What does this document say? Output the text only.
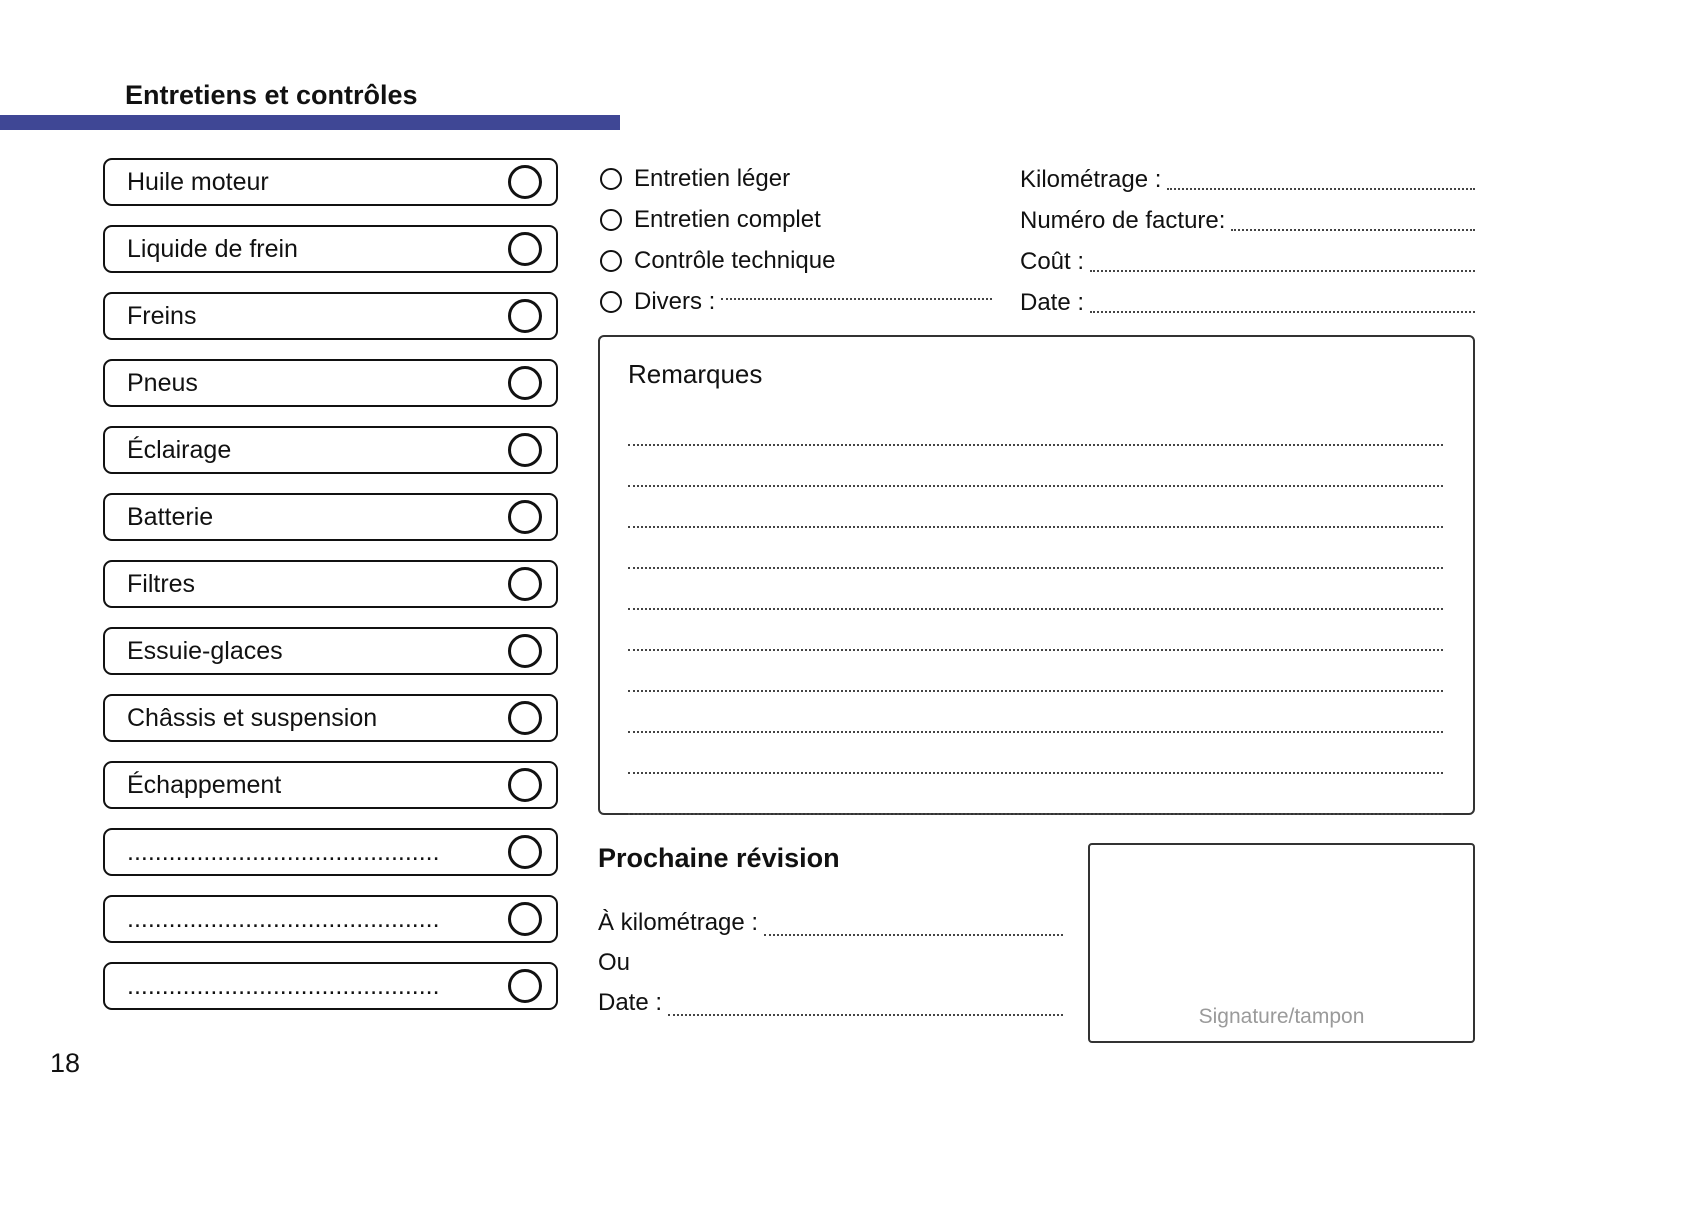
Entretiens et contrôles
Huile moteur
Liquide de frein
Freins
Pneus
Éclairage
Batterie
Filtres
Essuie-glaces
Châssis et suspension
Échappement
.............................................
.............................................
.............................................
Entretien léger
Entretien complet
Contrôle technique
Divers :
Kilométrage :
Numéro de facture:
Coût :
Date :
Remarques
Prochaine révision
À kilométrage :
Ou
Date :
Signature/tampon
18
